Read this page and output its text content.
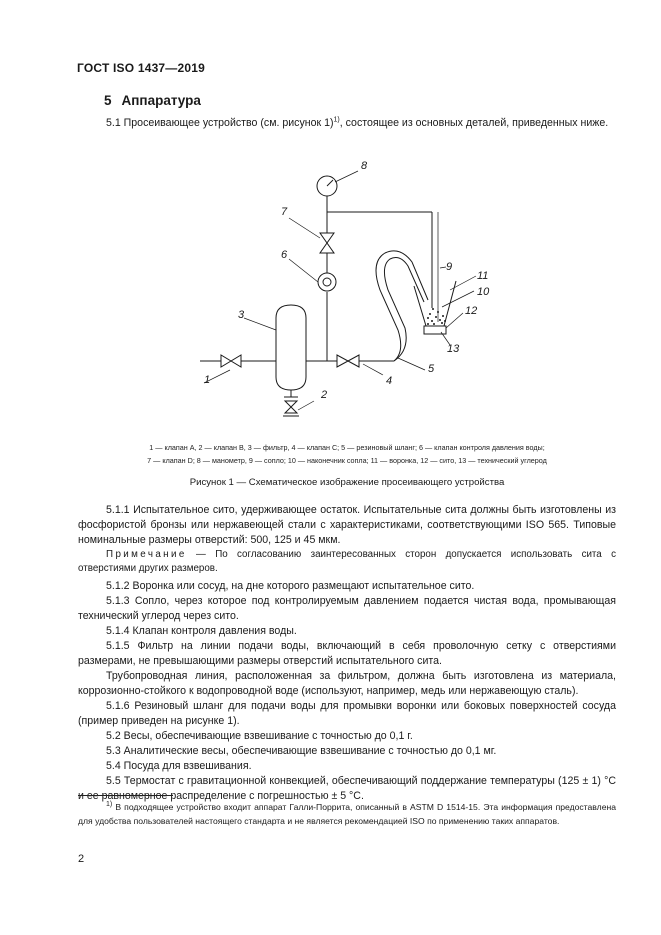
ГОСТ ISO 1437—2019
5 Аппаратура
5.1 Просеивающее устройство (см. рисунок 1)$^{1)}$, состоящее из основных деталей, приведенных ниже.
1
2
3
4
5
6
7
8
9
10
11
12
13
1 — клапан А, 2 — клапан В, 3 — фильтр, 4 — клапан С; 5 — резиновый шланг; 6 — клапан контроля давления воды;
7 — клапан D; 8 — манометр, 9 — сопло; 10 — наконечник сопла; 11 — воронка, 12 — сито, 13 — технический углерод
Рисунок 1 — Схематическое изображение просеивающего устройства
5.1.1 Испытательное сито, удерживающее остаток. Испытательные сита должны быть изготовлены из фосфористой бронзы или нержавеющей стали с характеристиками, соответствующими ISO 565. Типовые номинальные размеры отверстий: 500, 125 и 45 мкм.
Примечание — По согласованию заинтересованных сторон допускается использовать сита с отверстиями других размеров.
5.1.2 Воронка или сосуд, на дне которого размещают испытательное сито.
5.1.3 Сопло, через которое под контролируемым давлением подается чистая вода, промывающая технический углерод через сито.
5.1.4 Клапан контроля давления воды.
5.1.5 Фильтр на линии подачи воды, включающий в себя проволочную сетку с отверстиями размерами, не превышающими размеры отверстий испытательного сита.
Трубопроводная линия, расположенная за фильтром, должна быть изготовлена из материала, коррозионно-стойкого к водопроводной воде (используют, например, медь или нержавеющую сталь).
5.1.6 Резиновый шланг для подачи воды для промывки воронки или боковых поверхностей сосуда (пример приведен на рисунке 1).
5.2 Весы, обеспечивающие взвешивание с точностью до 0,1 г.
5.3 Аналитические весы, обеспечивающие взвешивание с точностью до 0,1 мг.
5.4 Посуда для взвешивания.
5.5 Термостат с гравитационной конвекцией, обеспечивающий поддержание температуры (125 ± 1) °С и ее равномерное распределение с погрешностью ± 5 °С.
$^{1)}$ В подходящее устройство входит аппарат Галли-Поррита, описанный в ASTM D 1514-15. Эта информация предоставлена для удобства пользователей настоящего стандарта и не является рекомендацией ISO по применению таких аппаратов.
2
